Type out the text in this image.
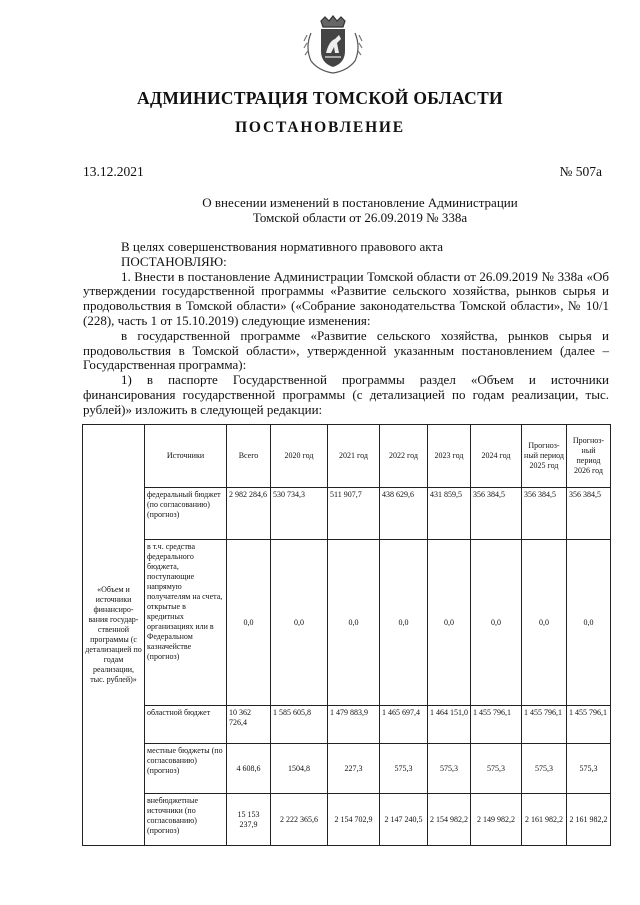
АДМИНИСТРАЦИЯ ТОМСКОЙ ОБЛАСТИ
ПОСТАНОВЛЕНИЕ
13.12.2021	№ 507а
О внесении изменений в постановление Администрации
Томской области от 26.09.2019 № 338а

В целях совершенствования нормативного правового акта

ПОСТАНОВЛЯЮ:

1. Внести в постановление Администрации Томской области от 26.09.2019 № 338а «Об утверждении государственной программы «Развитие сельского хозяйства, рынков сырья и продовольствия в Томской области» («Собрание законодательства Томской области», № 10/1 (228), часть 1 от 15.10.2019) следующие изменения:

в государственной программе «Развитие сельского хозяйства, рынков сырья и продовольствия в Томской области», утвержденной указанным постановлением (далее – Государственная программа):

1) в паспорте Государственной программы раздел «Объем и источники финансирования государственной программы (с детализацией по годам реализации, тыс. рублей)» изложить в следующей редакции:

«Объем и источники финансиро-вания государ-ственной программы (с детализацией по годам реализации, тыс. рублей)»	Источники	Всего	2020 год	2021 год	2022 год	2023 год	2024 год	Прогноз-ный период 2025 год	Прогноз-ный период 2026 год
	федеральный бюджет (по согласованию) (прогноз)	2 982 284,6	530 734,3	511 907,7	438 629,6	431 859,5	356 384,5	356 384,5	356 384,5
	в т.ч. средства федерального бюджета, поступающие напрямую получателям на счета, открытые в кредитных организациях или в Федеральном казначействе (прогноз)	0,0	0,0	0,0	0,0	0,0	0,0	0,0	0,0
	областной бюджет	10 362 726,4	1 585 605,8	1 479 883,9	1 465 697,4	1 464 151,0	1 455 796,1	1 455 796,1	1 455 796,1
	местные бюджеты (по согласованию) (прогноз)	4 608,6	1504,8	227,3	575,3	575,3	575,3	575,3	575,3
	внебюджетные источники (по согласованию) (прогноз)	15 153 237,9	2 222 365,6	2 154 702,9	2 147 240,5	2 154 982,2	2 149 982,2	2 161 982,2	2 161 982,2
